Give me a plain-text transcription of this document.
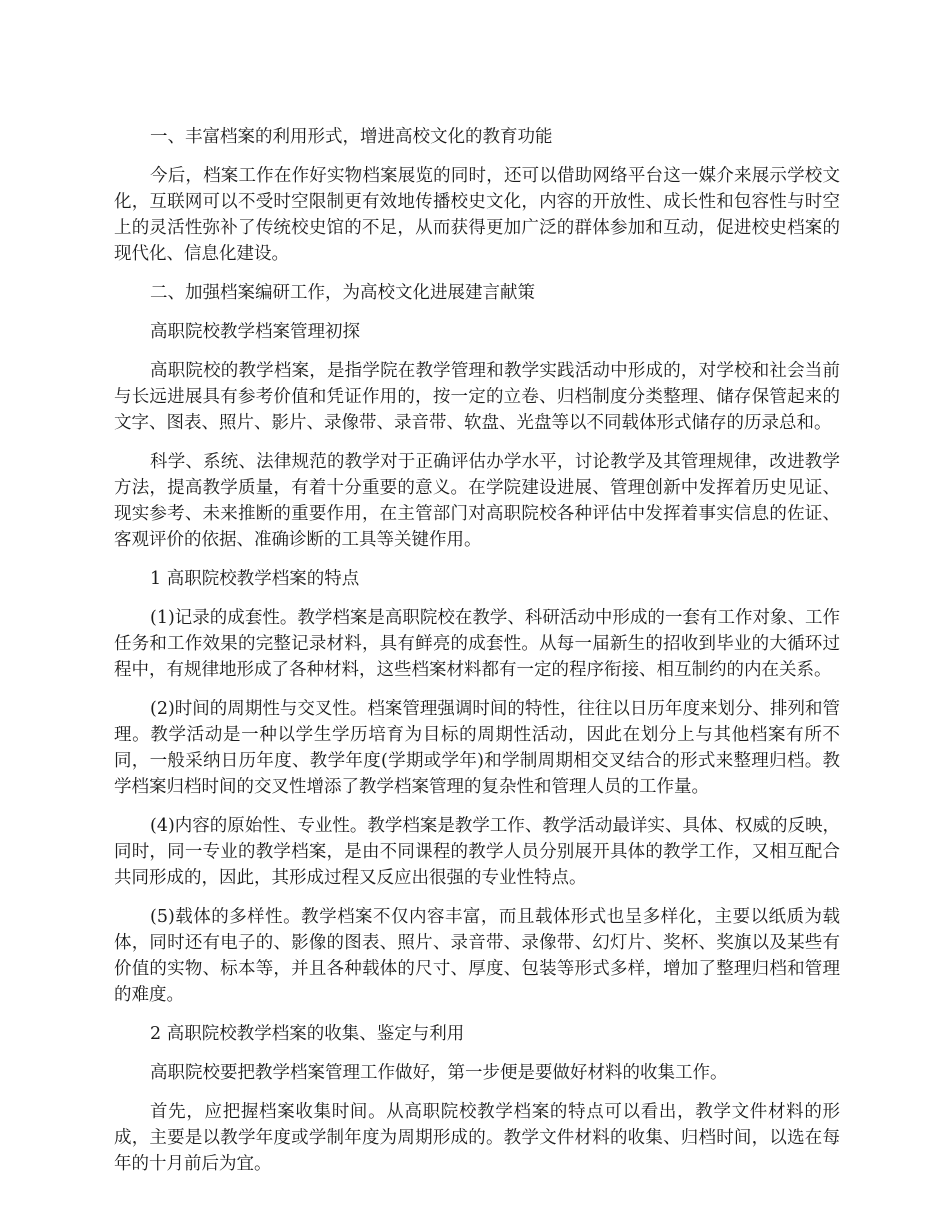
一、丰富档案的利用形式，增进高校文化的教育功能

今后，档案工作在作好实物档案展览的同时，还可以借助网络平台这一媒介来展示学校文化，互联网可以不受时空限制更有效地传播校史文化，内容的开放性、成长性和包容性与时空上的灵活性弥补了传统校史馆的不足，从而获得更加广泛的群体参加和互动，促进校史档案的现代化、信息化建设。

二、加强档案编研工作，为高校文化进展建言献策

高职院校教学档案管理初探

高职院校的教学档案，是指学院在教学管理和教学实践活动中形成的，对学校和社会当前与长远进展具有参考价值和凭证作用的，按一定的立卷、归档制度分类整理、储存保管起来的文字、图表、照片、影片、录像带、录音带、软盘、光盘等以不同载体形式储存的历录总和。

科学、系统、法律规范的教学对于正确评估办学水平，讨论教学及其管理规律，改进教学方法，提高教学质量，有着十分重要的意义。在学院建设进展、管理创新中发挥着历史见证、现实参考、未来推断的重要作用，在主管部门对高职院校各种评估中发挥着事实信息的佐证、客观评价的依据、准确诊断的工具等关键作用。

1 高职院校教学档案的特点

(1)记录的成套性。教学档案是高职院校在教学、科研活动中形成的一套有工作对象、工作任务和工作效果的完整记录材料，具有鲜亮的成套性。从每一届新生的招收到毕业的大循环过程中，有规律地形成了各种材料，这些档案材料都有一定的程序衔接、相互制约的内在关系。

(2)时间的周期性与交叉性。档案管理强调时间的特性，往往以日历年度来划分、排列和管理。教学活动是一种以学生学历培育为目标的周期性活动，因此在划分上与其他档案有所不同，一般采纳日历年度、教学年度(学期或学年)和学制周期相交叉结合的形式来整理归档。教学档案归档时间的交叉性增添了教学档案管理的复杂性和管理人员的工作量。

(4)内容的原始性、专业性。教学档案是教学工作、教学活动最详实、具体、权威的反映，同时，同一专业的教学档案，是由不同课程的教学人员分别展开具体的教学工作，又相互配合共同形成的，因此，其形成过程又反应出很强的专业性特点。

(5)载体的多样性。教学档案不仅内容丰富，而且载体形式也呈多样化，主要以纸质为载体，同时还有电子的、影像的图表、照片、录音带、录像带、幻灯片、奖杯、奖旗以及某些有价值的实物、标本等，并且各种载体的尺寸、厚度、包装等形式多样，增加了整理归档和管理的难度。

2 高职院校教学档案的收集、鉴定与利用

高职院校要把教学档案管理工作做好，第一步便是要做好材料的收集工作。

首先，应把握档案收集时间。从高职院校教学档案的特点可以看出，教学文件材料的形成，主要是以教学年度或学制年度为周期形成的。教学文件材料的收集、归档时间，以选在每年的十月前后为宜。
